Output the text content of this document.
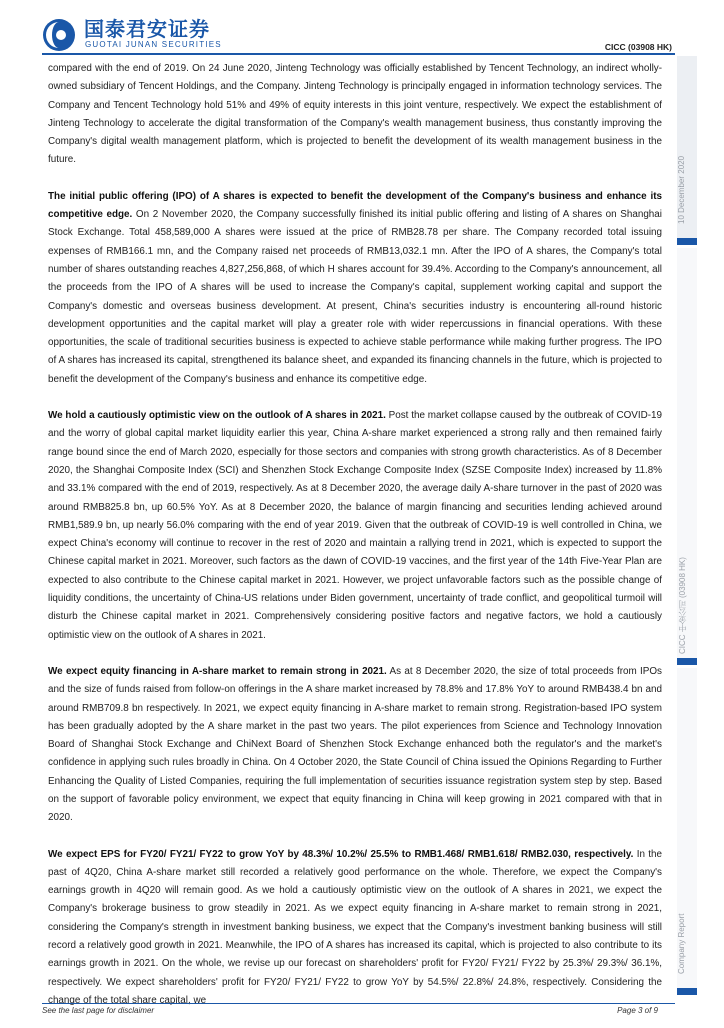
国泰君安证券
GUOTAI JUNAN SECURITIES	CICC (03908 HK)

compared with the end of 2019. On 24 June 2020, Jinteng Technology was officially established by Tencent Technology, an indirect wholly-owned subsidiary of Tencent Holdings, and the Company. Jinteng Technology is principally engaged in information technology services. The Company and Tencent Technology hold 51% and 49% of equity interests in this joint venture, respectively. We expect the establishment of Jinteng Technology to accelerate the digital transformation of the Company's wealth management business, thus constantly improving the Company's digital wealth management platform, which is projected to benefit the development of its wealth management business in the future.

The initial public offering (IPO) of A shares is expected to benefit the development of the Company's business and enhance its competitive edge. On 2 November 2020, the Company successfully finished its initial public offering and listing of A shares on Shanghai Stock Exchange. Total 458,589,000 A shares were issued at the price of RMB28.78 per share. The Company recorded total issuing expenses of RMB166.1 mn, and the Company raised net proceeds of RMB13,032.1 mn. After the IPO of A shares, the Company's total number of shares outstanding reaches 4,827,256,868, of which H shares account for 39.4%. According to the Company's announcement, all the proceeds from the IPO of A shares will be used to increase the Company's capital, supplement working capital and support the Company's domestic and overseas business development. At present, China's securities industry is encountering all-round historic development opportunities and the capital market will play a greater role with wider repercussions in financial operations. With these opportunities, the scale of traditional securities business is expected to achieve stable performance while making further progress. The IPO of A shares has increased its capital, strengthened its balance sheet, and expanded its financing channels in the future, which is projected to benefit the development of the Company's business and enhance its competitive edge.

We hold a cautiously optimistic view on the outlook of A shares in 2021. Post the market collapse caused by the outbreak of COVID-19 and the worry of global capital market liquidity earlier this year, China A-share market experienced a strong rally and then remained fairly range bound since the end of March 2020, especially for those sectors and companies with strong growth characteristics. As of 8 December 2020, the Shanghai Composite Index (SCI) and Shenzhen Stock Exchange Composite Index (SZSE Composite Index) increased by 11.8% and 33.1% compared with the end of 2019, respectively. As at 8 December 2020, the average daily A-share turnover in the past of 2020 was around RMB825.8 bn, up 60.5% YoY. As at 8 December 2020, the balance of margin financing and securities lending achieved around RMB1,589.9 bn, up nearly 56.0% comparing with the end of year 2019. Given that the outbreak of COVID-19 is well controlled in China, we expect China's economy will continue to recover in the rest of 2020 and maintain a rallying trend in 2021, which is expected to support the Chinese capital market in 2021. Moreover, such factors as the dawn of COVID-19 vaccines, and the first year of the 14th Five-Year Plan are expected to also contribute to the Chinese capital market in 2021. However, we project unfavorable factors such as the possible change of liquidity conditions, the uncertainty of China-US relations under Biden government, uncertainty of trade conflict, and geopolitical turmoil will disturb the Chinese capital market in 2021. Comprehensively considering positive factors and negative factors, we hold a cautiously optimistic view on the outlook of A shares in 2021.

We expect equity financing in A-share market to remain strong in 2021. As at 8 December 2020, the size of total proceeds from IPOs and the size of funds raised from follow-on offerings in the A share market increased by 78.8% and 17.8% YoY to around RMB438.4 bn and around RMB709.8 bn respectively. In 2021, we expect equity financing in A-share market to remain strong. Registration-based IPO system has been gradually adopted by the A share market in the past two years. The pilot experiences from Science and Technology Innovation Board of Shanghai Stock Exchange and ChiNext Board of Shenzhen Stock Exchange enhanced both the regulator's and the market's confidence in applying such rules broadly in China. On 4 October 2020, the State Council of China issued the Opinions Regarding to Further Enhancing the Quality of Listed Companies, requiring the full implementation of securities issuance registration system step by step. Based on the support of favorable policy environment, we expect that equity financing in China will keep growing in 2021 compared with that in 2020.

We expect EPS for FY20/ FY21/ FY22 to grow YoY by 48.3%/ 10.2%/ 25.5% to RMB1.468/ RMB1.618/ RMB2.030, respectively. In the past of 4Q20, China A-share market still recorded a relatively good performance on the whole. Therefore, we expect the Company's earnings growth in 4Q20 will remain good. As we hold a cautiously optimistic view on the outlook of A shares in 2021, we expect the Company's brokerage business to grow steadily in 2021. As we expect equity financing in A-share market to remain strong in 2021, considering the Company's strength in investment banking business, we expect that the Company's investment banking business will still record a relatively good growth in 2021. Meanwhile, the IPO of A shares has increased its capital, which is projected to also contribute to its earnings growth in 2021. On the whole, we revise up our forecast on shareholders' profit for FY20/ FY21/ FY22 by 25.3%/ 29.3%/ 36.1%, respectively. We expect shareholders' profit for FY20/ FY21/ FY22 to grow YoY by 54.5%/ 22.8%/ 24.8%, respectively. Considering the change of the total share capital, we

10 December 2020
CICC 中金公司 (03908 HK)
Company Report
See the last page for disclaimer	Page 3 of 9
